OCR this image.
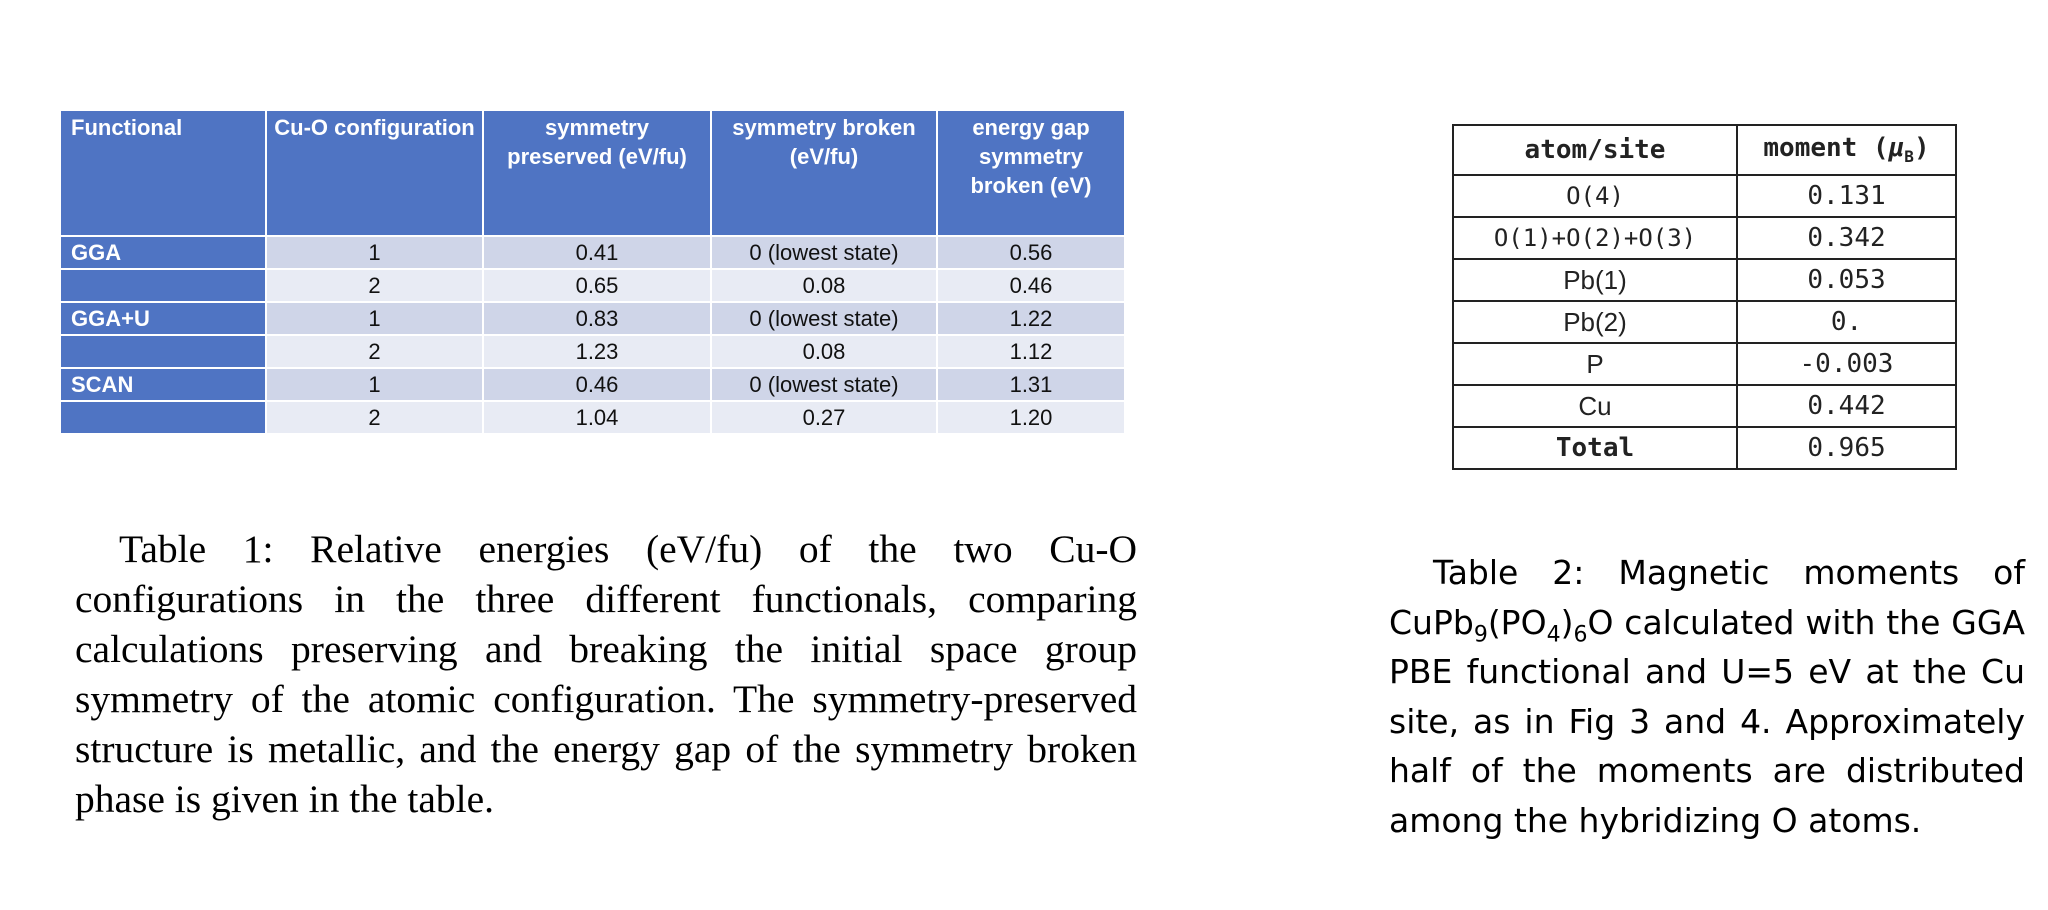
Functional	Cu-O configuration	symmetry preserved (eV/fu)	symmetry broken (eV/fu)	energy gap symmetry broken (eV)
GGA	1	0.41	0 (lowest state)	0.56
	2	0.65	0.08	0.46
GGA+U	1	0.83	0 (lowest state)	1.22
	2	1.23	0.08	1.12
SCAN	1	0.46	0 (lowest state)	1.31
	2	1.04	0.27	1.20
atom/site	moment $(\mu_B)$
O(4)	0.131
O(1)+O(2)+O(3)	0.342
Pb(1)	0.053
Pb(2)	0.
P	-0.003
Cu	0.442
Total	0.965

Table 1: Relative energies (eV/fu) of the two Cu-O configurations in the three different functionals, comparing calculations preserving and breaking the initial space group symmetry of the atomic configuration. The symmetry-preserved structure is metallic, and the energy gap of the symmetry broken phase is given in the table.

Table 2: Magnetic moments of $CuPb_9(PO_4)_6O$ calculated with the GGA PBE functional and U=5 eV at the Cu site, as in Fig 3 and 4. Approximately half of the moments are distributed among the hybridizing O atoms.
